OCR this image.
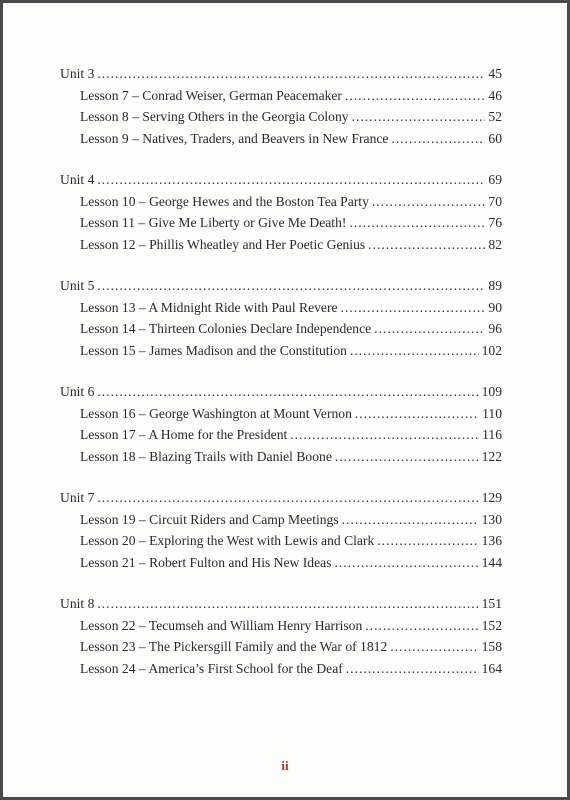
Unit 3 .....	45
Lesson 7 – Conrad Weiser, German Peacemaker .....	46
Lesson 8 – Serving Others in the Georgia Colony .....	52
Lesson 9 – Natives, Traders, and Beavers in New France .....	60
Unit 4 .....	69
Lesson 10 – George Hewes and the Boston Tea Party .....	70
Lesson 11 – Give Me Liberty or Give Me Death! .....	76
Lesson 12 – Phillis Wheatley and Her Poetic Genius .....	82
Unit 5 .....	89
Lesson 13 – A Midnight Ride with Paul Revere .....	90
Lesson 14 – Thirteen Colonies Declare Independence .....	96
Lesson 15 – James Madison and the Constitution .....	102
Unit 6 .....	109
Lesson 16 – George Washington at Mount Vernon .....	110
Lesson 17 – A Home for the President .....	116
Lesson 18 – Blazing Trails with Daniel Boone .....	122
Unit 7 .....	129
Lesson 19 – Circuit Riders and Camp Meetings .....	130
Lesson 20 – Exploring the West with Lewis and Clark .....	136
Lesson 21 – Robert Fulton and His New Ideas .....	144
Unit 8 .....	151
Lesson 22 – Tecumseh and William Henry Harrison .....	152
Lesson 23 – The Pickersgill Family and the War of 1812 .....	158
Lesson 24 – America’s First School for the Deaf .....	164
ii
